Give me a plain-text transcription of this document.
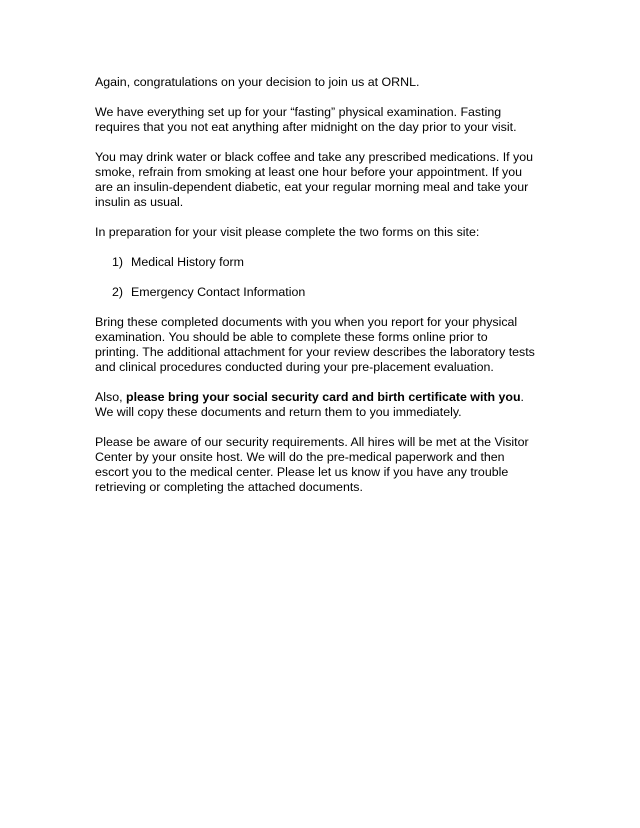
Again, congratulations on your decision to join us at ORNL.

We have everything set up for your “fasting” physical examination. Fasting
requires that you not eat anything after midnight on the day prior to your visit.

You may drink water or black coffee and take any prescribed medications. If you
smoke, refrain from smoking at least one hour before your appointment. If you
are an insulin-dependent diabetic, eat your regular morning meal and take your
insulin as usual.

In preparation for your visit please complete the two forms on this site:

1) Medical History form
2) Emergency Contact Information

Bring these completed documents with you when you report for your physical
examination. You should be able to complete these forms online prior to
printing. The additional attachment for your review describes the laboratory tests
and clinical procedures conducted during your pre-placement evaluation.

Also, please bring your social security card and birth certificate with you.
We will copy these documents and return them to you immediately.

Please be aware of our security requirements. All hires will be met at the Visitor
Center by your onsite host. We will do the pre-medical paperwork and then
escort you to the medical center. Please let us know if you have any trouble
retrieving or completing the attached documents.
